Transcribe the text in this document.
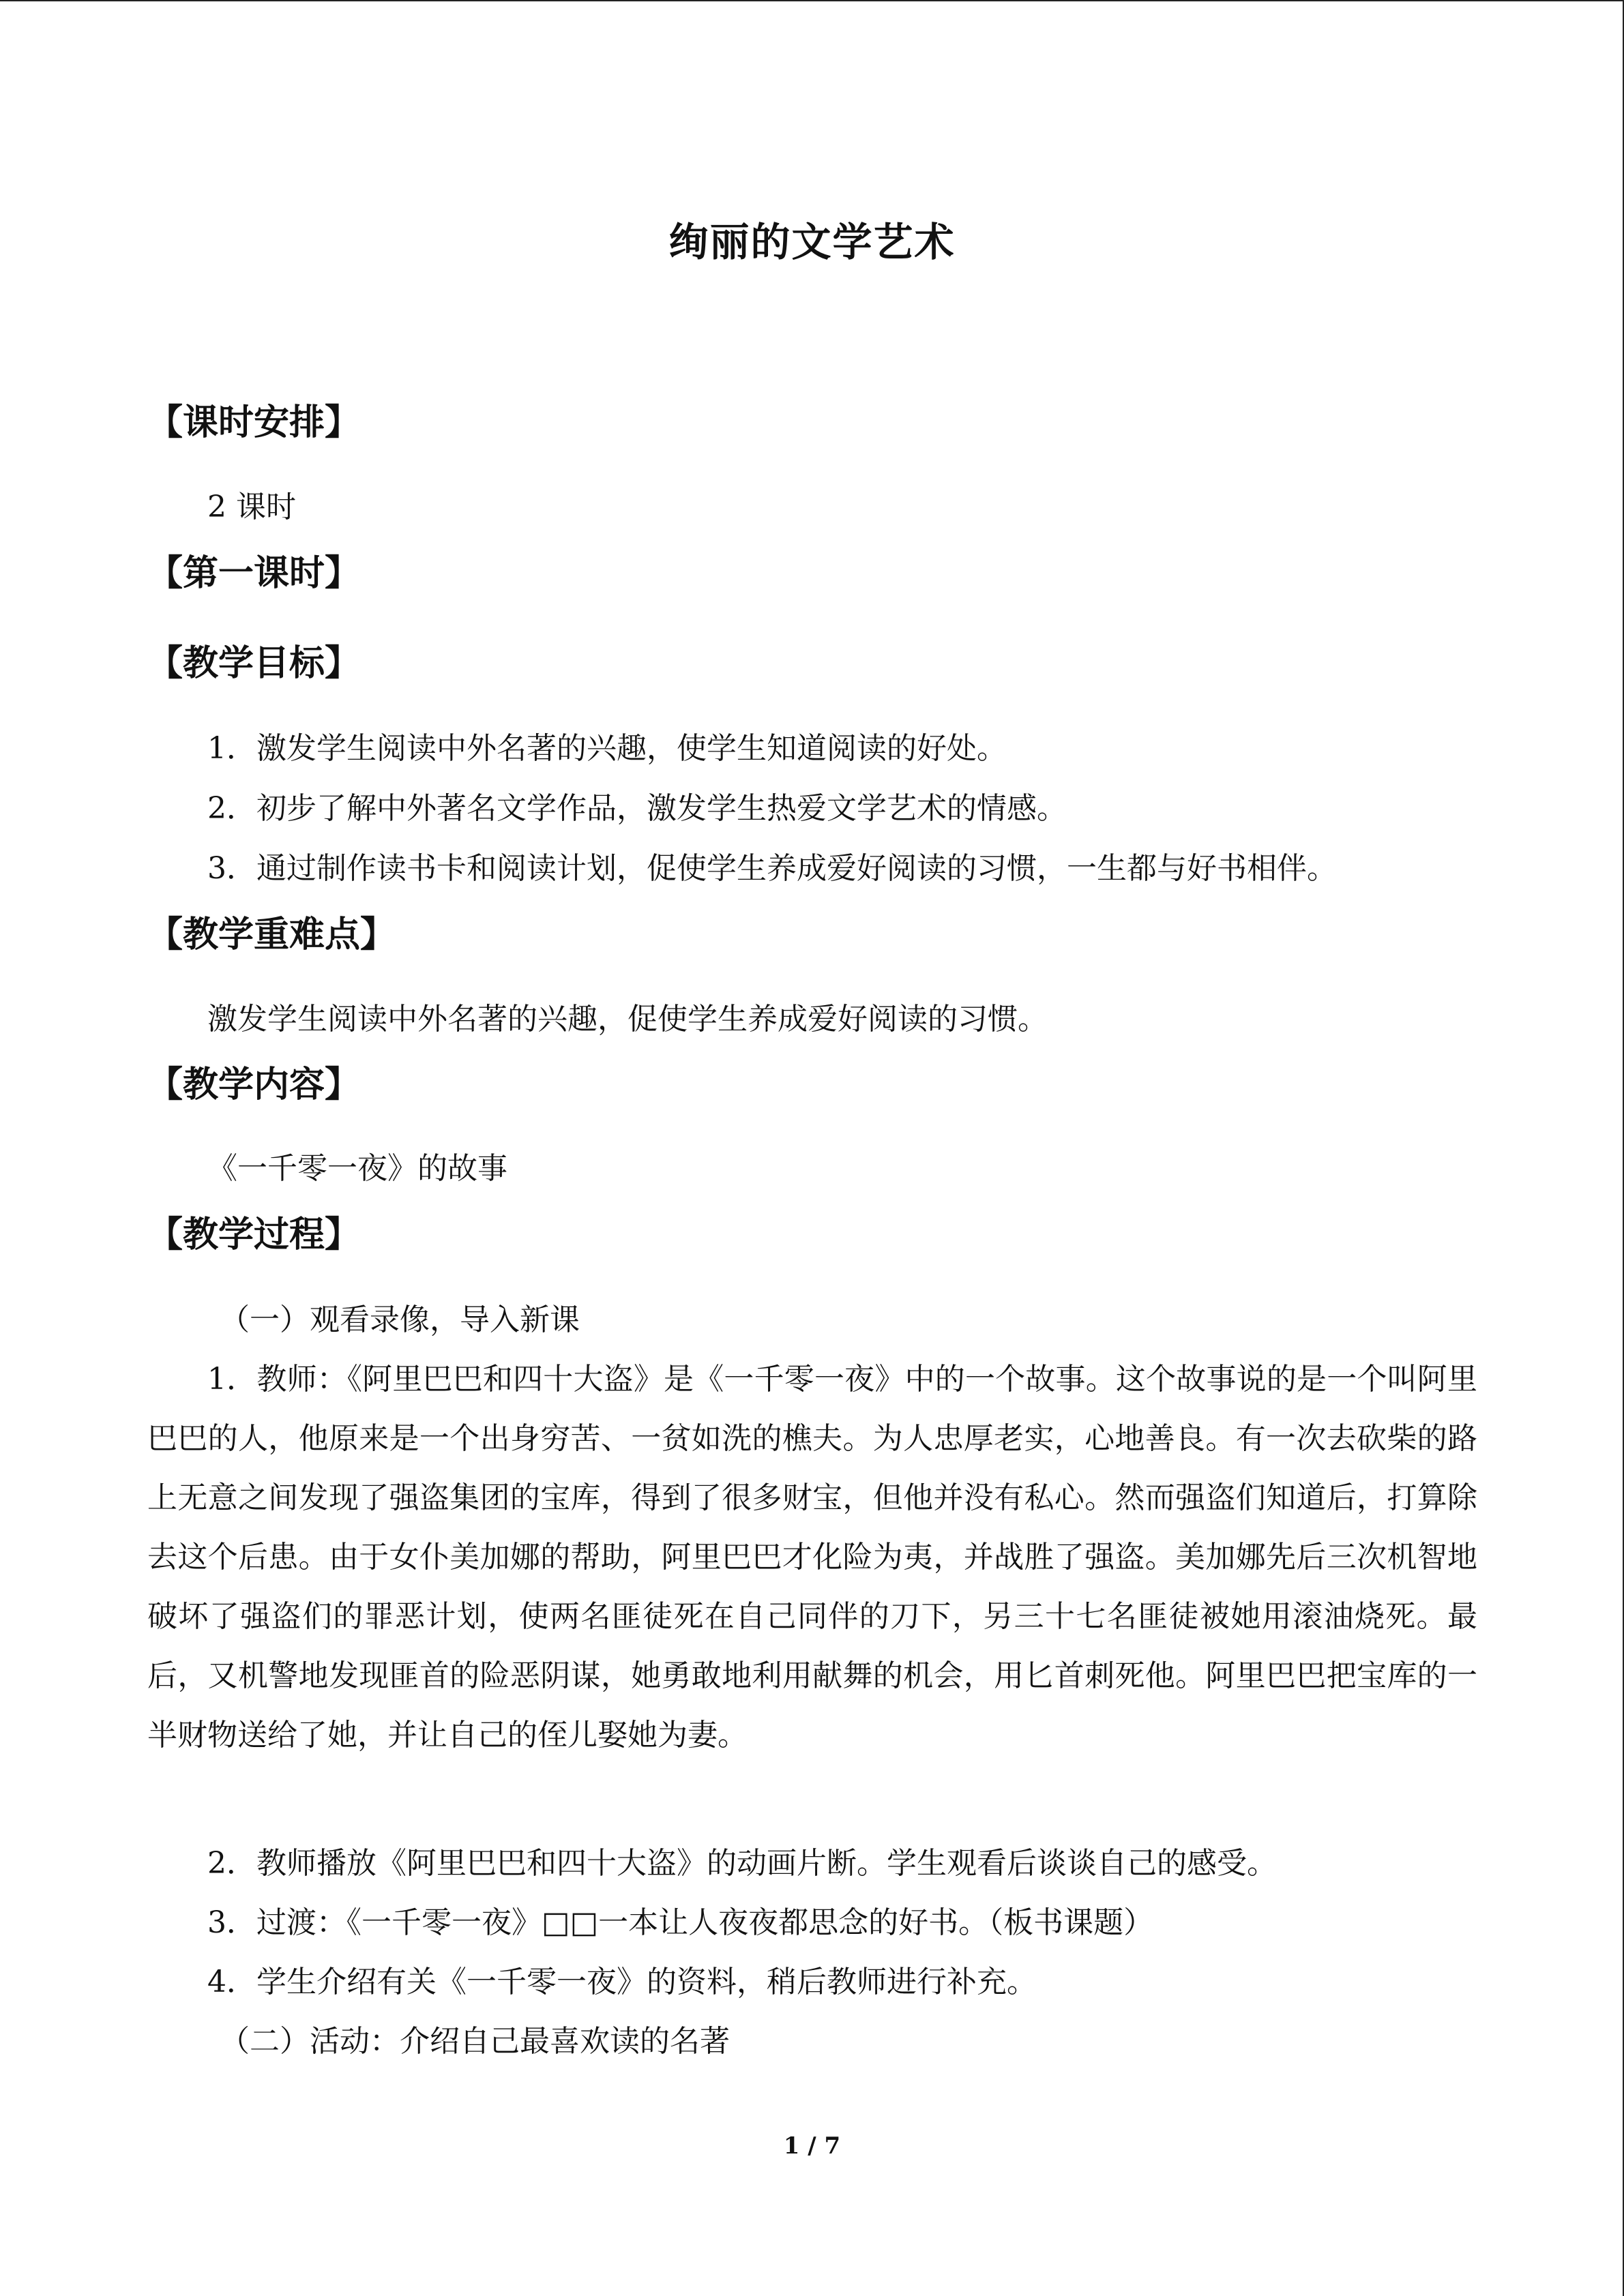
绚丽的文学艺术
【课时安排】
2 课时
【第一课时】
【教学目标】
1．激发学生阅读中外名著的兴趣，使学生知道阅读的好处。
2．初步了解中外著名文学作品，激发学生热爱文学艺术的情感。
3．通过制作读书卡和阅读计划，促使学生养成爱好阅读的习惯，一生都与好书相伴。
【教学重难点】
激发学生阅读中外名著的兴趣，促使学生养成爱好阅读的习惯。
【教学内容】
《一千零一夜》的故事
【教学过程】
（一）观看录像，导入新课
1．教师：《阿里巴巴和四十大盗》是《一千零一夜》中的一个故事。这个故事说的是一个叫阿里巴巴的人，他原来是一个出身穷苦、一贫如洗的樵夫。为人忠厚老实，心地善良。有一次去砍柴的路上无意之间发现了强盗集团的宝库，得到了很多财宝，但他并没有私心。然而强盗们知道后，打算除去这个后患。由于女仆美加娜的帮助，阿里巴巴才化险为夷，并战胜了强盗。美加娜先后三次机智地破坏了强盗们的罪恶计划，使两名匪徒死在自己同伴的刀下，另三十七名匪徒被她用滚油烧死。最后，又机警地发现匪首的险恶阴谋，她勇敢地利用献舞的机会，用匕首刺死他。阿里巴巴把宝库的一半财物送给了她，并让自己的侄儿娶她为妻。
2．教师播放《阿里巴巴和四十大盗》的动画片断。学生观看后谈谈自己的感受。
3．过渡：《一千零一夜》□□一本让人夜夜都思念的好书。（板书课题）
4．学生介绍有关《一千零一夜》的资料，稍后教师进行补充。
（二）活动：介绍自己最喜欢读的名著
1 / 7
